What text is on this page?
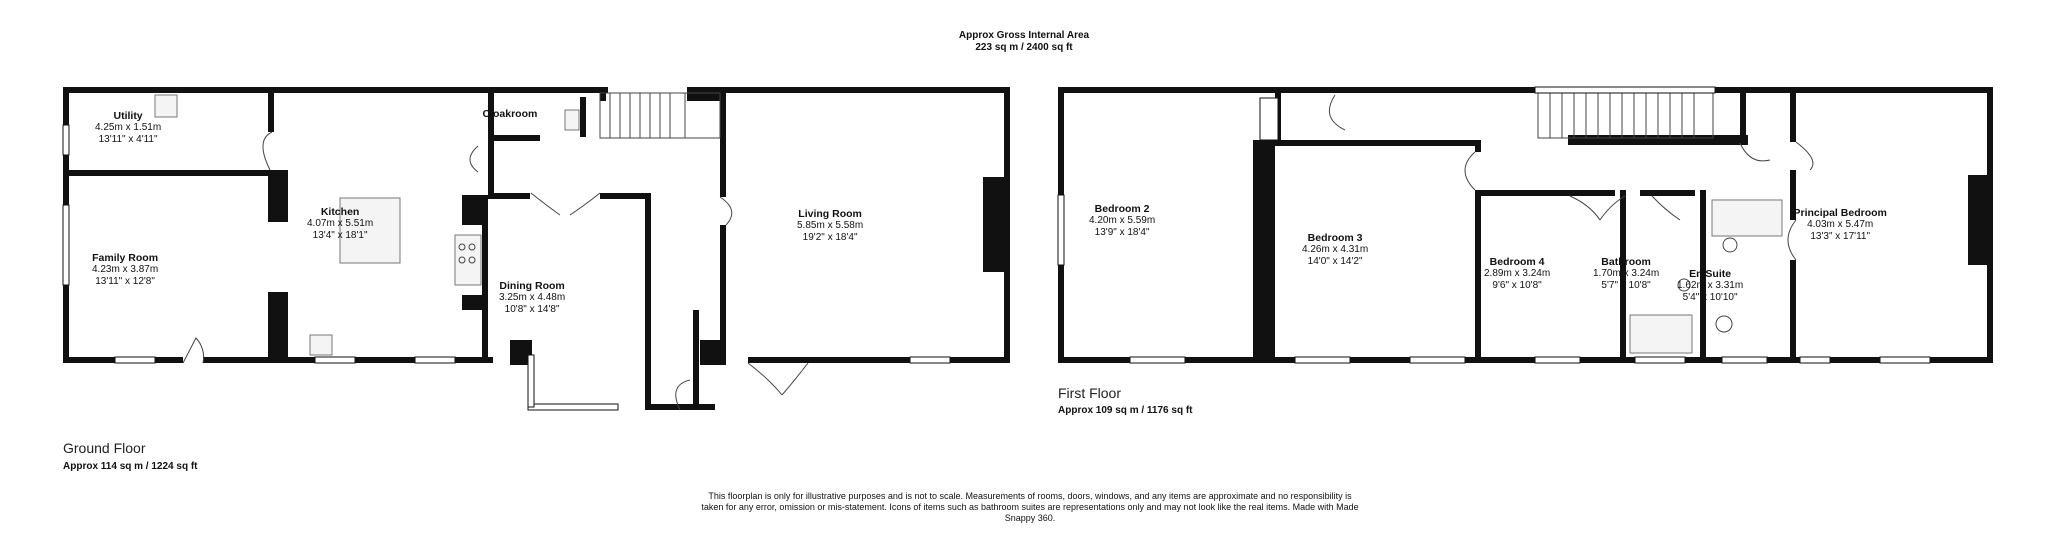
Approx Gross Internal Area
223 sq m / 2400 sq ft
Utility
4.25m x 1.51m
13'11" x 4'11"
Family Room
4.23m x 3.87m
13'11" x 12'8"
Kitchen
4.07m x 5.51m
13'4" x 18'1"
Cloakroom
Dining Room
3.25m x 4.48m
10'8" x 14'8"
Living Room
5.85m x 5.58m
19'2" x 18'4"
Bedroom 2
4.20m x 5.59m
13'9" x 18'4"	Bedroom 3
4.26m x 4.31m
14'0" x 14'2"	Bedroom 4
2.89m x 3.24m
9'6" x 10'8"
Bathroom
1.70m x 3.24m
5'7" x 10'8"
En Suite
1.62m x 3.31m
5'4" x 10'10"
Principal Bedroom
4.03m x 5.47m
13'3" x 17'11"
Ground Floor
Approx 114 sq m / 1224 sq ft
First Floor
Approx 109 sq m / 1176 sq ft
This floorplan is only for illustrative purposes and is not to scale. Measurements of rooms, doors, windows, and any items are approximate and no responsibility is taken for any error, omission or mis-statement. Icons of items such as bathroom suites are representations only and may not look like the real items. Made with Made Snappy 360.
